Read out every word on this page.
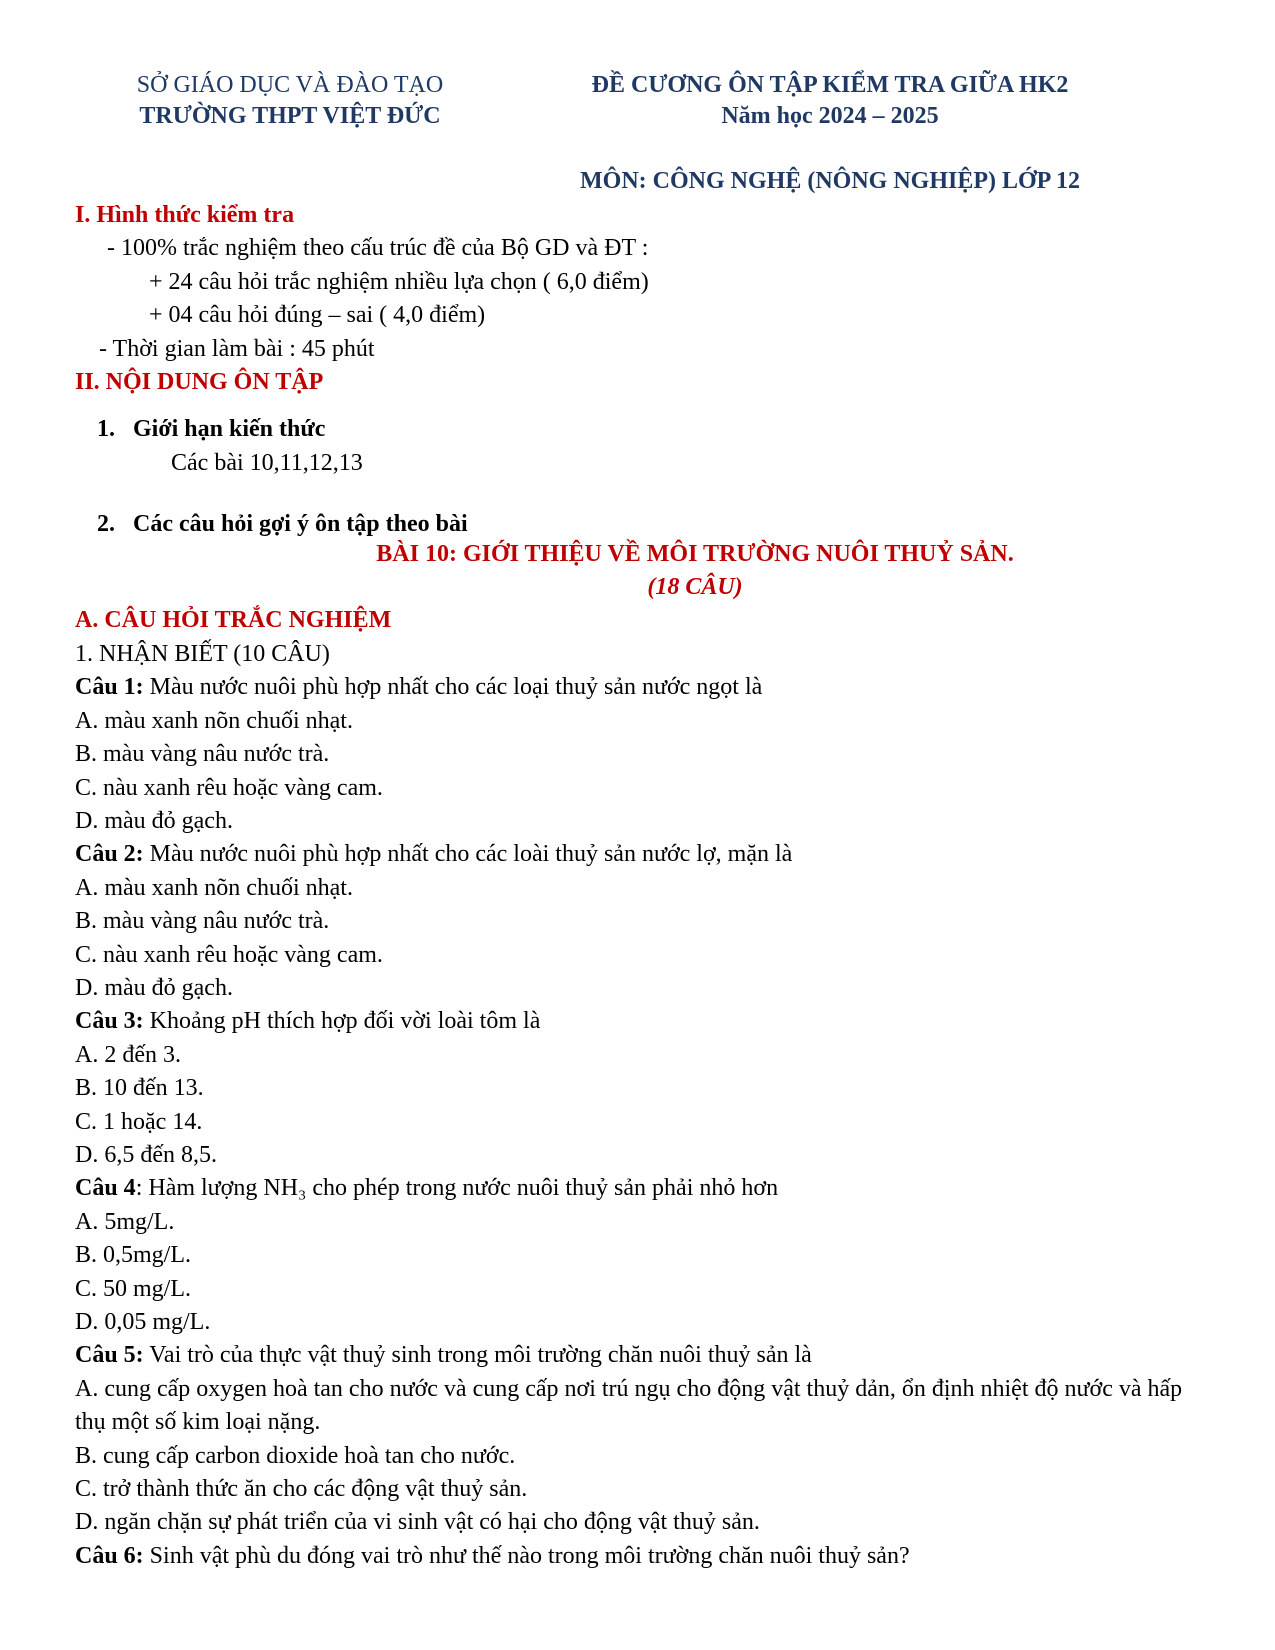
SỞ GIÁO DỤC VÀ ĐÀO TẠO
TRƯỜNG THPT VIỆT ĐỨC
ĐỀ CƯƠNG ÔN TẬP KIỂM TRA GIỮA HK2
Năm học 2024 – 2025
MÔN: CÔNG NGHỆ (NÔNG NGHIỆP) LỚP 12
I. Hình thức kiểm tra
- 100% trắc nghiệm theo cấu trúc đề của Bộ GD và ĐT :
+ 24 câu hỏi trắc nghiệm nhiều lựa chọn ( 6,0 điểm)
+ 04 câu hỏi đúng – sai ( 4,0 điểm)
- Thời gian làm bài : 45 phút
II. NỘI DUNG ÔN TẬP
1. Giới hạn kiến thức
Các bài 10,11,12,13
2. Các câu hỏi gợi ý ôn tập theo bài
BÀI 10: GIỚI THIỆU VỀ MÔI TRƯỜNG NUÔI THUỶ SẢN.
(18 CÂU)
A. CÂU HỎI TRẮC NGHIỆM
1. NHẬN BIẾT (10 CÂU)
Câu 1: Màu nước nuôi phù hợp nhất cho các loại thuỷ sản nước ngọt là
A. màu xanh nõn chuối nhạt.
B. màu vàng nâu nước trà.
C. nàu xanh rêu hoặc vàng cam.
D. màu đỏ gạch.
Câu 2: Màu nước nuôi phù hợp nhất cho các loài thuỷ sản nước lợ, mặn là
A. màu xanh nõn chuối nhạt.
B. màu vàng nâu nước trà.
C. nàu xanh rêu hoặc vàng cam.
D. màu đỏ gạch.
Câu 3: Khoảng pH thích hợp đối vời loài tôm là
A. 2 đến 3.
B. 10 đến 13.
C. 1 hoặc 14.
D. 6,5 đến 8,5.
Câu 4: Hàm lượng NH₃ cho phép trong nước nuôi thuỷ sản phải nhỏ hơn
A. 5mg/L.
B. 0,5mg/L.
C. 50 mg/L.
D. 0,05 mg/L.
Câu 5: Vai trò của thực vật thuỷ sinh trong môi trường chăn nuôi thuỷ sản là
A. cung cấp oxygen hoà tan cho nước và cung cấp nơi trú ngụ cho động vật thuỷ dản, ổn định nhiệt độ nước và hấp thụ một số kim loại nặng.
B. cung cấp carbon dioxide hoà tan cho nước.
C. trở thành thức ăn cho các động vật thuỷ sản.
D. ngăn chặn sự phát triển của vi sinh vật có hại cho động vật thuỷ sản.
Câu 6: Sinh vật phù du đóng vai trò như thế nào trong môi trường chăn nuôi thuỷ sản?
